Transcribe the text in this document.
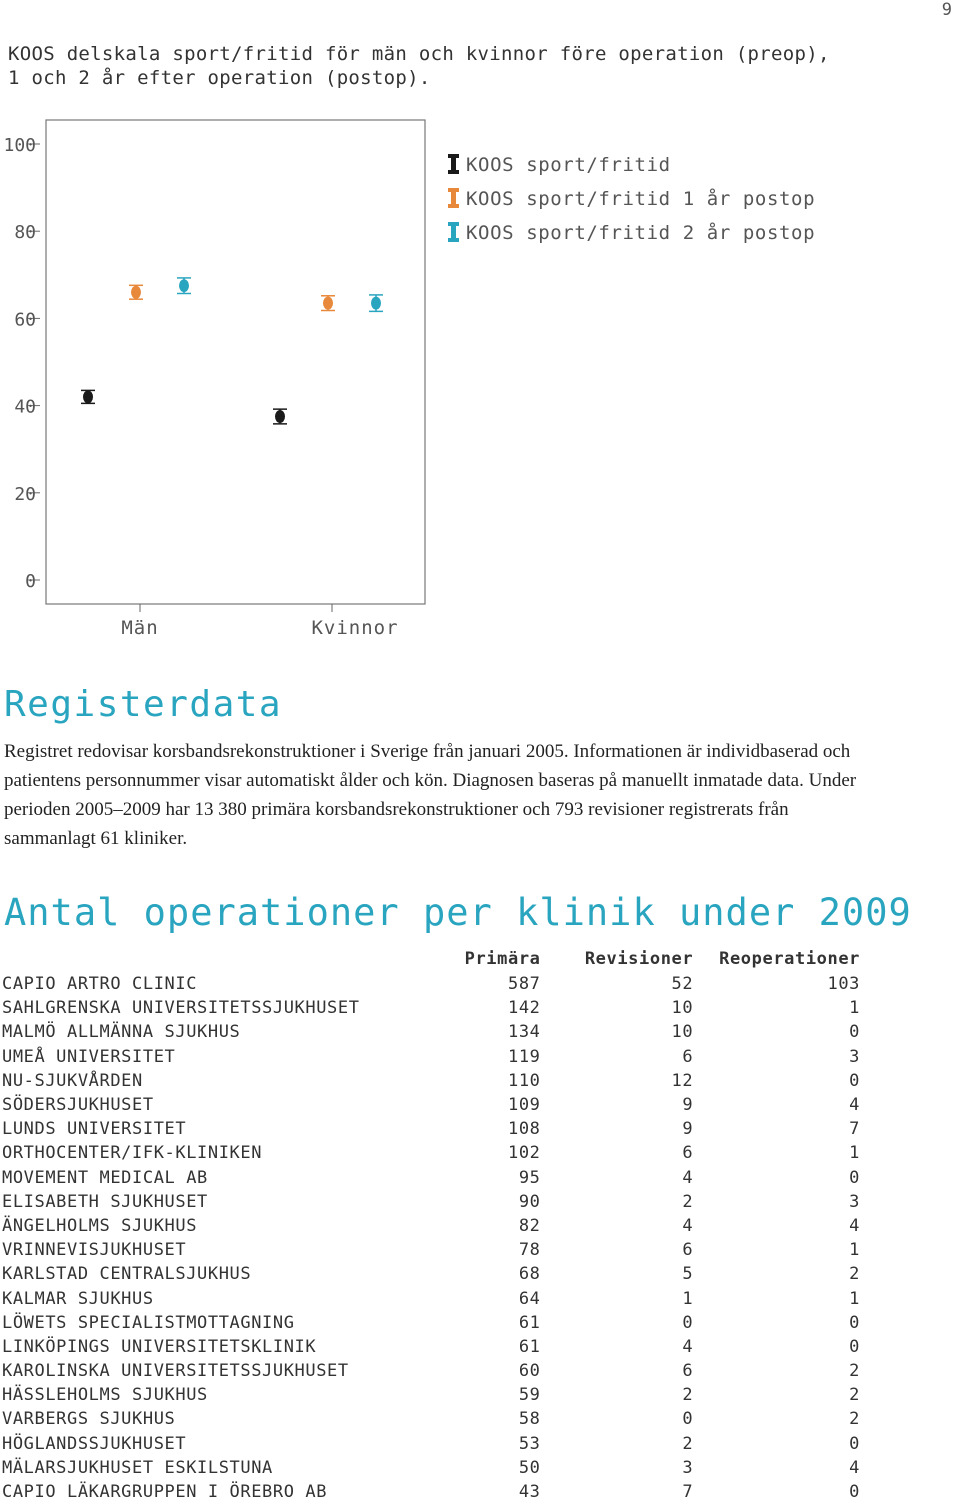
9
KOOS delskala sport/fritid för män och kvinnor före operation (preop),
1 och 2 år efter operation (postop).
0
20
40
60
80
100
Män	Kvinnor
KOOS sport/fritid
KOOS sport/fritid 1 år postop
KOOS sport/fritid 2 år postop
Registerdata

Registret redovisar korsbandsrekonstruktioner i Sverige från januari 2005. Informationen är individbaserad och patientens personnummer visar automatiskt ålder och kön. Diagnosen baseras på manuellt inmatade data. Under perioden 2005–2009 har 13 380 primära korsbandsrekonstruktioner och 793 revisioner registrerats från sammanlagt 61 kliniker.

Antal operationer per klinik under 2009
	Primära	Revisioner	Reoperationer
CAPIO ARTRO CLINIC	587	52	103
SAHLGRENSKA UNIVERSITETSSJUKHUSET	142	10	1
MALMÖ ALLMÄNNA SJUKHUS	134	10	0
UMEÅ UNIVERSITET	119	6	3
NU-SJUKVÅRDEN	110	12	0
SÖDERSJUKHUSET	109	9	4
LUNDS UNIVERSITET	108	9	7
ORTHOCENTER/IFK-KLINIKEN	102	6	1
MOVEMENT MEDICAL AB	95	4	0
ELISABETH SJUKHUSET	90	2	3
ÄNGELHOLMS SJUKHUS	82	4	4
VRINNEVISJUKHUSET	78	6	1
KARLSTAD CENTRALSJUKHUS	68	5	2
KALMAR SJUKHUS	64	1	1
LÖWETS SPECIALISTMOTTAGNING	61	0	0
LINKÖPINGS UNIVERSITETSKLINIK	61	4	0
KAROLINSKA UNIVERSITETSSJUKHUSET	60	6	2
HÄSSLEHOLMS SJUKHUS	59	2	2
VARBERGS SJUKHUS	58	0	2
HÖGLANDSSJUKHUSET	53	2	0
MÄLARSJUKHUSET ESKILSTUNA	50	3	4
CAPIO LÄKARGRUPPEN I ÖREBRO AB	43	7	0
